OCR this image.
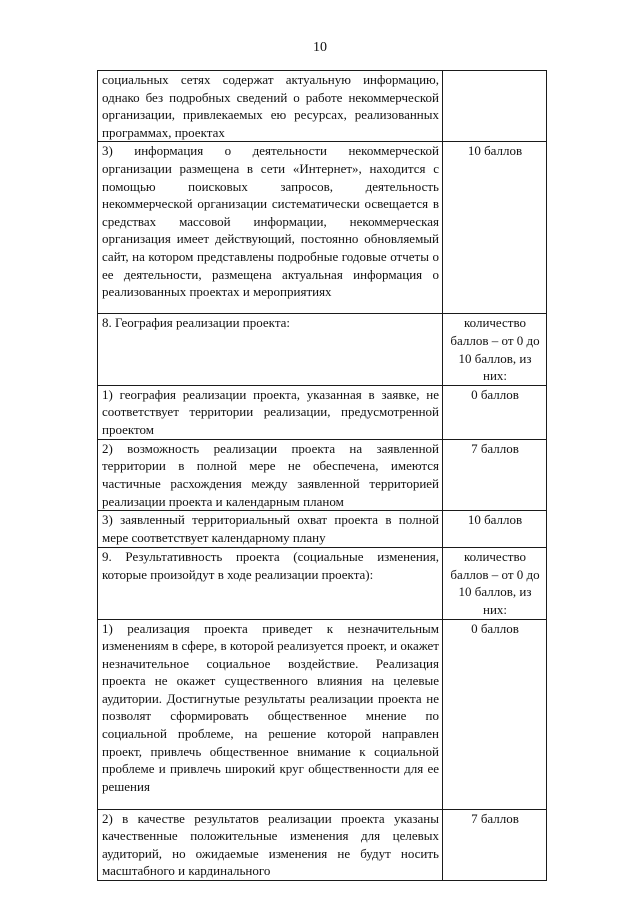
10
социальных сетях содержат актуальную информацию, однако без подробных сведений о работе некоммерческой организации, привлекаемых ею ресурсах, реализованных программах, проектах	

3) информация о деятельности некоммерческой организации размещена в сети «Интернет», находится с помощью поисковых запросов, деятельность некоммерческой организации систематически освещается в средствах массовой информации, некоммерческая организация имеет действующий, постоянно обновляемый сайт, на котором представлены подробные годовые отчеты о ее деятельности, размещена актуальная информация о реализованных проектах и мероприятиях	10 баллов

8. География реализации проекта:	количество баллов – от 0 до 10 баллов, из них:

1) география реализации проекта, указанная в заявке, не соответствует территории реализации, предусмотренной проектом	0 баллов

2) возможность реализации проекта на заявленной территории в полной мере не обеспечена, имеются частичные расхождения между заявленной территорией реализации проекта и календарным планом	7 баллов

3) заявленный территориальный охват проекта в полной мере соответствует календарному плану	10 баллов

9. Результативность проекта (социальные изменения, которые произойдут в ходе реализации проекта):	количество баллов – от 0 до 10 баллов, из них:

1) реализация проекта приведет к незначительным изменениям в сфере, в которой реализуется проект, и окажет незначительное социальное воздействие. Реализация проекта не окажет существенного влияния на целевые аудитории. Достигнутые результаты реализации проекта не позволят сформировать общественное мнение по социальной проблеме, на решение которой направлен проект, привлечь общественное внимание к социальной проблеме и привлечь широкий круг общественности для ее решения	0 баллов

2) в качестве результатов реализации проекта указаны качественные положительные изменения для целевых аудиторий, но ожидаемые изменения не будут носить масштабного и кардинального	7 баллов
